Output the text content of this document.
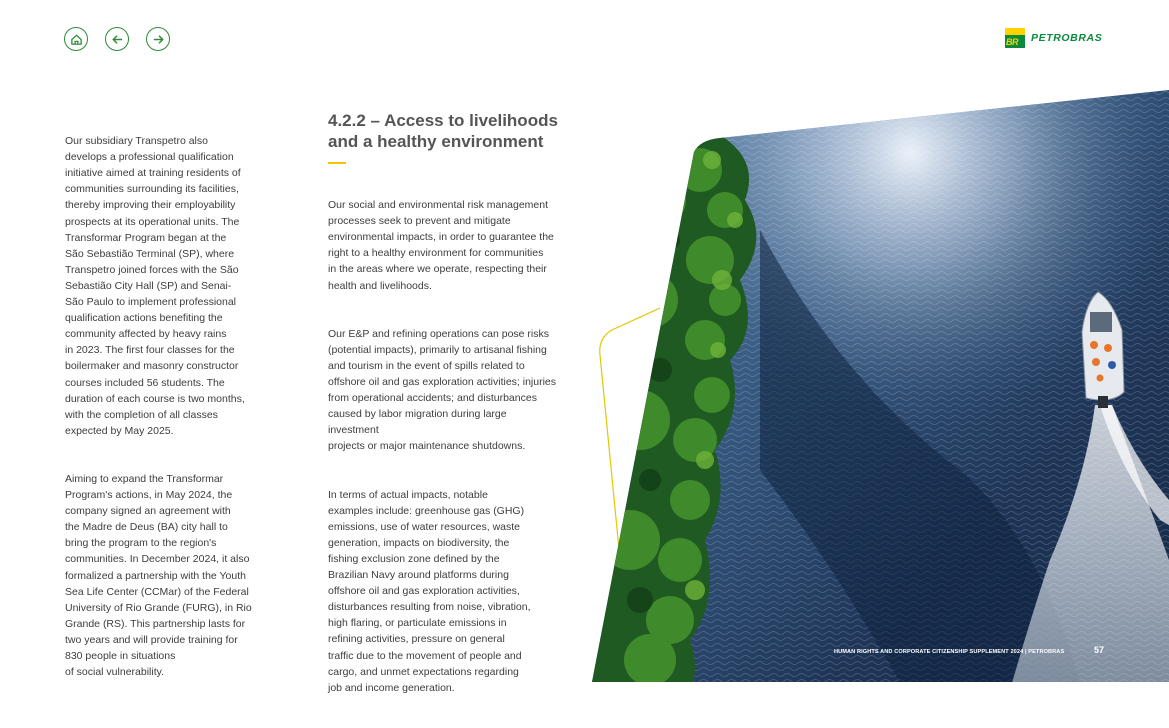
BR PETROBRAS

Our subsidiary Transpetro also
develops a professional qualification
initiative aimed at training residents of
communities surrounding its facilities,
thereby improving their employability
prospects at its operational units. The
Transformar Program began at the
São Sebastião Terminal (SP), where
Transpetro joined forces with the São
Sebastião City Hall (SP) and Senai-
São Paulo to implement professional
qualification actions benefiting the
community affected by heavy rains
in 2023. The first four classes for the
boilermaker and masonry constructor
courses included 56 students. The
duration of each course is two months,
with the completion of all classes
expected by May 2025.

Aiming to expand the Transformar
Program's actions, in May 2024, the
company signed an agreement with
the Madre de Deus (BA) city hall to
bring the program to the region's
communities. In December 2024, it also
formalized a partnership with the Youth
Sea Life Center (CCMar) of the Federal
University of Rio Grande (FURG), in Rio
Grande (RS). This partnership lasts for
two years and will provide training for
830 people in situations
of social vulnerability.

4.2.2 – Access to livelihoods
and a healthy environment

Our social and environmental risk management
processes seek to prevent and mitigate
environmental impacts, in order to guarantee the
right to a healthy environment for communities
in the areas where we operate, respecting their
health and livelihoods.

Our E&P and refining operations can pose risks
(potential impacts), primarily to artisanal fishing
and tourism in the event of spills related to
offshore oil and gas exploration activities; injuries
from operational accidents; and disturbances
caused by labor migration during large investment
projects or major maintenance shutdowns.

In terms of actual impacts, notable
examples include: greenhouse gas (GHG)
emissions, use of water resources, waste
generation, impacts on biodiversity, the
fishing exclusion zone defined by the
Brazilian Navy around platforms during
offshore oil and gas exploration activities,
disturbances resulting from noise, vibration,
high flaring, or particulate emissions in
refining activities, pressure on general
traffic due to the movement of people and
cargo, and unmet expectations regarding
job and income generation.

HUMAN RIGHTS AND CORPORATE CITIZENSHIP SUPPLEMENT 2024 | PETROBRAS	57
